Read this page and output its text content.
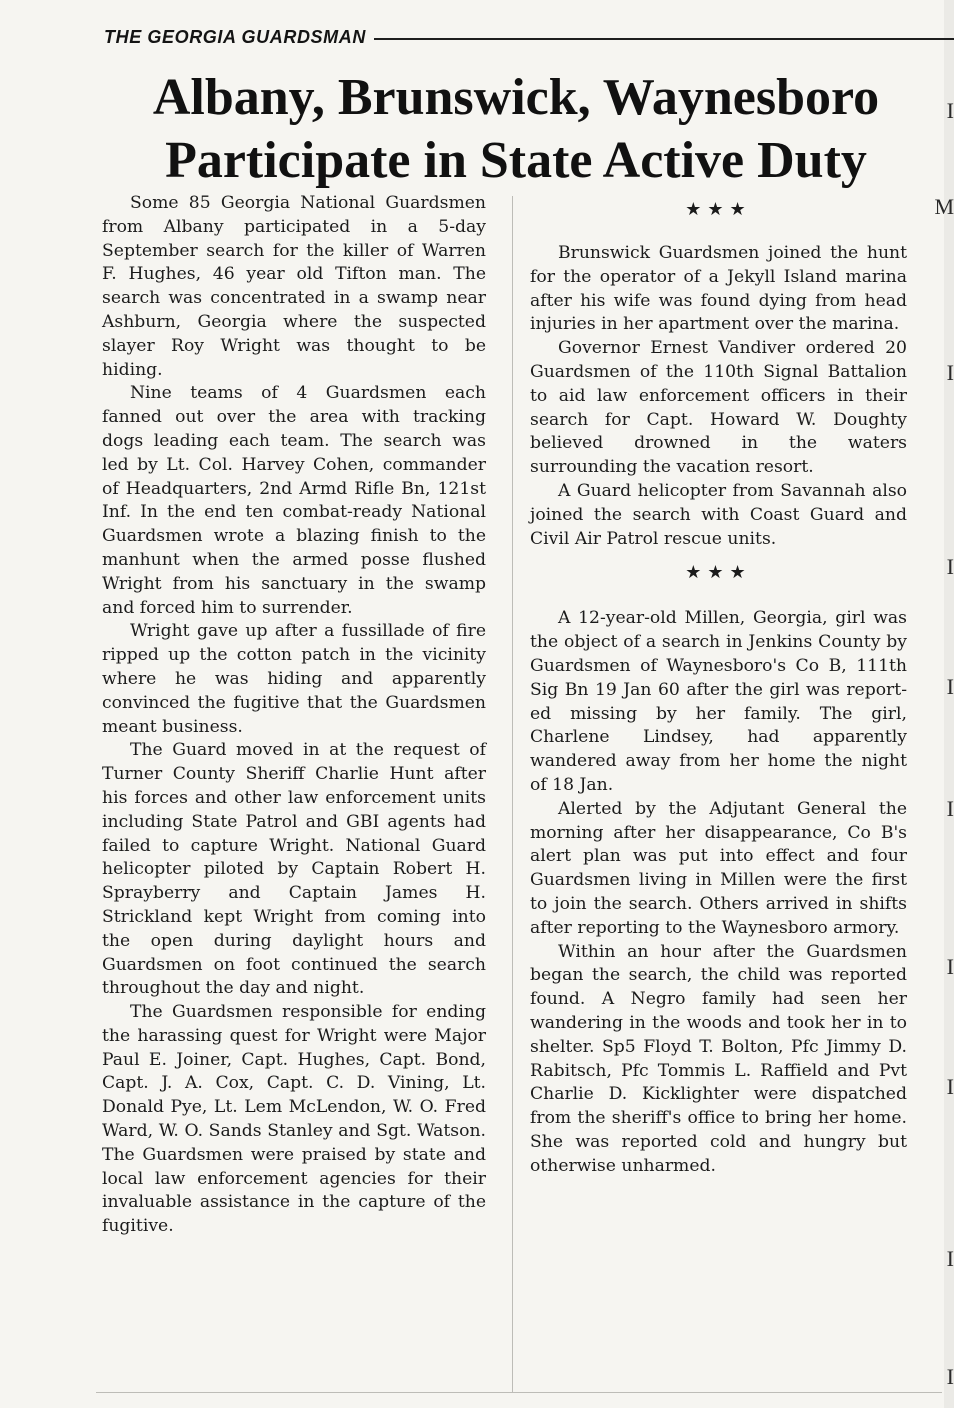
I
M
I
I
I
I
I
I
I
I
THE GEORGIA GUARDSMAN
Albany, Brunswick, Waynesboro
Participate in State Active Duty

Some 85 Georgia National Guardsmen from Albany participated in a 5-day September search for the killer of Warren F. Hughes, 46 year old Tifton man. The search was concentrated in a swamp near Ashburn, Georgia where the suspected slayer Roy Wright was thought to be hiding.

Nine teams of 4 Guardsmen each fanned out over the area with tracking dogs leading each team. The search was led by Lt. Col. Harvey Cohen, commander of Headquarters, 2nd Armd Rifle Bn, 121st Inf. In the end ten combat-ready National Guardsmen wrote a blazing finish to the manhunt when the armed posse flushed Wright from his sanctuary in the swamp and forced him to surrender.

Wright gave up after a fussillade of fire ripped up the cotton patch in the vicinity where he was hiding and apparently convinced the fugitive that the Guardsmen meant business.

The Guard moved in at the request of Turner County Sheriff Charlie Hunt after his forces and other law enforcement units including State Patrol and GBI agents had failed to capture Wright. National Guard helicopter piloted by Captain Robert H. Sprayberry and Captain James H. Strickland kept Wright from coming into the open during daylight hours and Guardsmen on foot continued the search throughout the day and night.

The Guardsmen responsible for ending the harassing quest for Wright were Major Paul E. Joiner, Capt. Hughes, Capt. Bond, Capt. J. A. Cox, Capt. C. D. Vining, Lt. Donald Pye, Lt. Lem McLendon, W. O. Fred Ward, W. O. Sands Stanley and Sgt. Watson. The Guardsmen were praised by state and local law enforcement agencies for their invaluable assistance in the capture of the fugitive.

★★★

Brunswick Guardsmen joined the hunt for the operator of a Jekyll Island marina after his wife was found dying from head injuries in her apartment over the marina.

Governor Ernest Vandiver ordered 20 Guardsmen of the 110th Signal Battalion to aid law enforcement officers in their search for Capt. Howard W. Doughty believed drowned in the waters surrounding the vacation resort.

A Guard helicopter from Savannah also joined the search with Coast Guard and Civil Air Patrol rescue units.

★★★

A 12-year-old Millen, Georgia, girl was the object of a search in Jenkins County by Guardsmen of Waynesboro's Co B, 111th Sig Bn 19 Jan 60 after the girl was reported missing by her family. The girl, Charlene Lindsey, had apparently wandered away from her home the night of 18 Jan.

Alerted by the Adjutant General the morning after her disappearance, Co B's alert plan was put into effect and four Guardsmen living in Millen were the first to join the search. Others arrived in shifts after reporting to the Waynesboro armory.

Within an hour after the Guardsmen began the search, the child was reported found. A Negro family had seen her wandering in the woods and took her in to shelter. Sp5 Floyd T. Bolton, Pfc Jimmy D. Rabitsch, Pfc Tommis L. Raffield and Pvt Charlie D. Kicklighter were dispatched from the sheriff's office to bring her home. She was reported cold and hungry but otherwise unharmed.
